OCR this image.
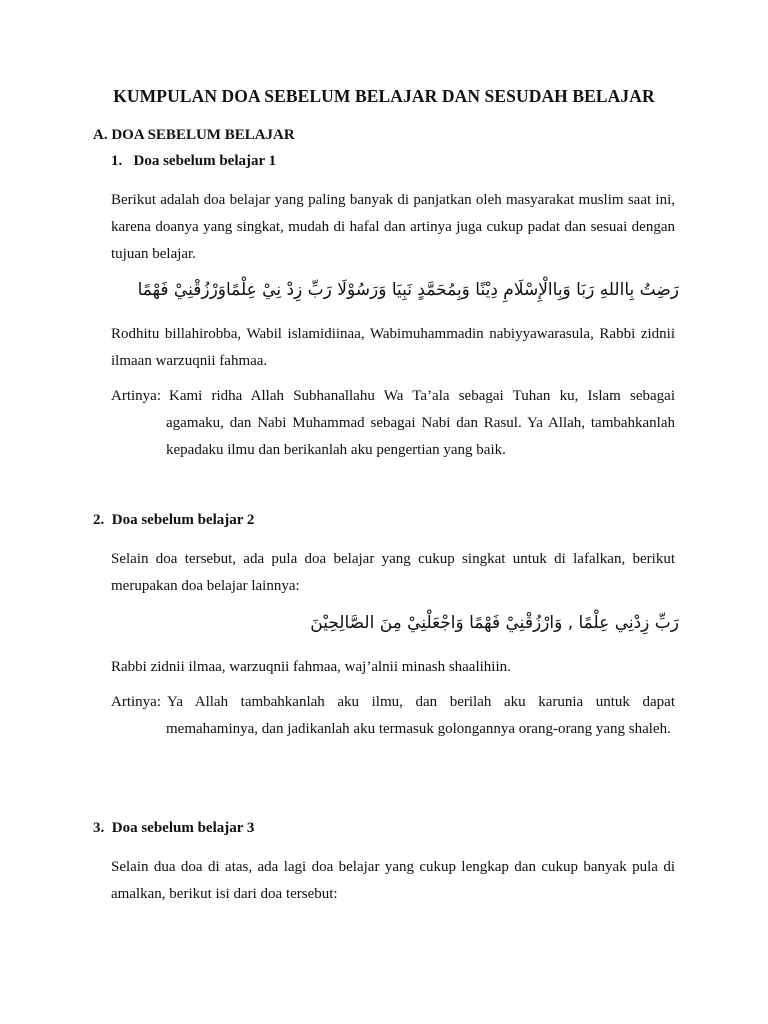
KUMPULAN DOA SEBELUM BELAJAR DAN SESUDAH BELAJAR
A. DOA SEBELUM BELAJAR
1.   Doa sebelum belajar 1
Berikut adalah doa belajar yang paling banyak di panjatkan oleh masyarakat muslim saat ini, karena doanya yang singkat, mudah di hafal dan artinya juga cukup padat dan sesuai dengan tujuan belajar.
رَضِتُ بِااللهِ رَبَا وَبِاالْإِسْلَامِ دِيْنًا وَبِمُحَمَّدٍ نَبِيَا وَرَسُوْلَا رَبِّ زِدْ نِيْ عِلْمًاوَرْزُقْنِيْ فَهْمًا
Rodhitu billahirobba, Wabil islamidiinaa, Wabimuhammadin nabiyyawarasula, Rabbi zidnii ilmaan warzuqnii fahmaa.
Artinya: Kami ridha Allah Subhanallahu Wa Ta’ala sebagai Tuhan ku, Islam sebagai
agamaku, dan Nabi Muhammad sebagai Nabi dan Rasul. Ya Allah, tambahkanlah kepadaku ilmu dan berikanlah aku pengertian yang baik.
2.  Doa sebelum belajar 2
Selain doa tersebut, ada pula doa belajar yang cukup singkat untuk di lafalkan, berikut merupakan doa belajar lainnya:
رَبِّ زِدْنِي عِلْمًا , وَارْزُقْنِيْ فَهْمًا وَاجْعَلْنِيْ مِنَ الصَّالِحِيْنَ
Rabbi zidnii ilmaa, warzuqnii fahmaa, waj’alnii minash shaalihiin.
Artinya: Ya  Allah  tambahkanlah  aku  ilmu,  dan  berilah  aku  karunia  untuk  dapat
memahaminya, dan jadikanlah aku termasuk golongannya orang-orang yang shaleh.
3.  Doa sebelum belajar 3
Selain dua doa di atas, ada lagi doa belajar yang cukup lengkap dan cukup banyak pula di amalkan, berikut isi dari doa tersebut:
